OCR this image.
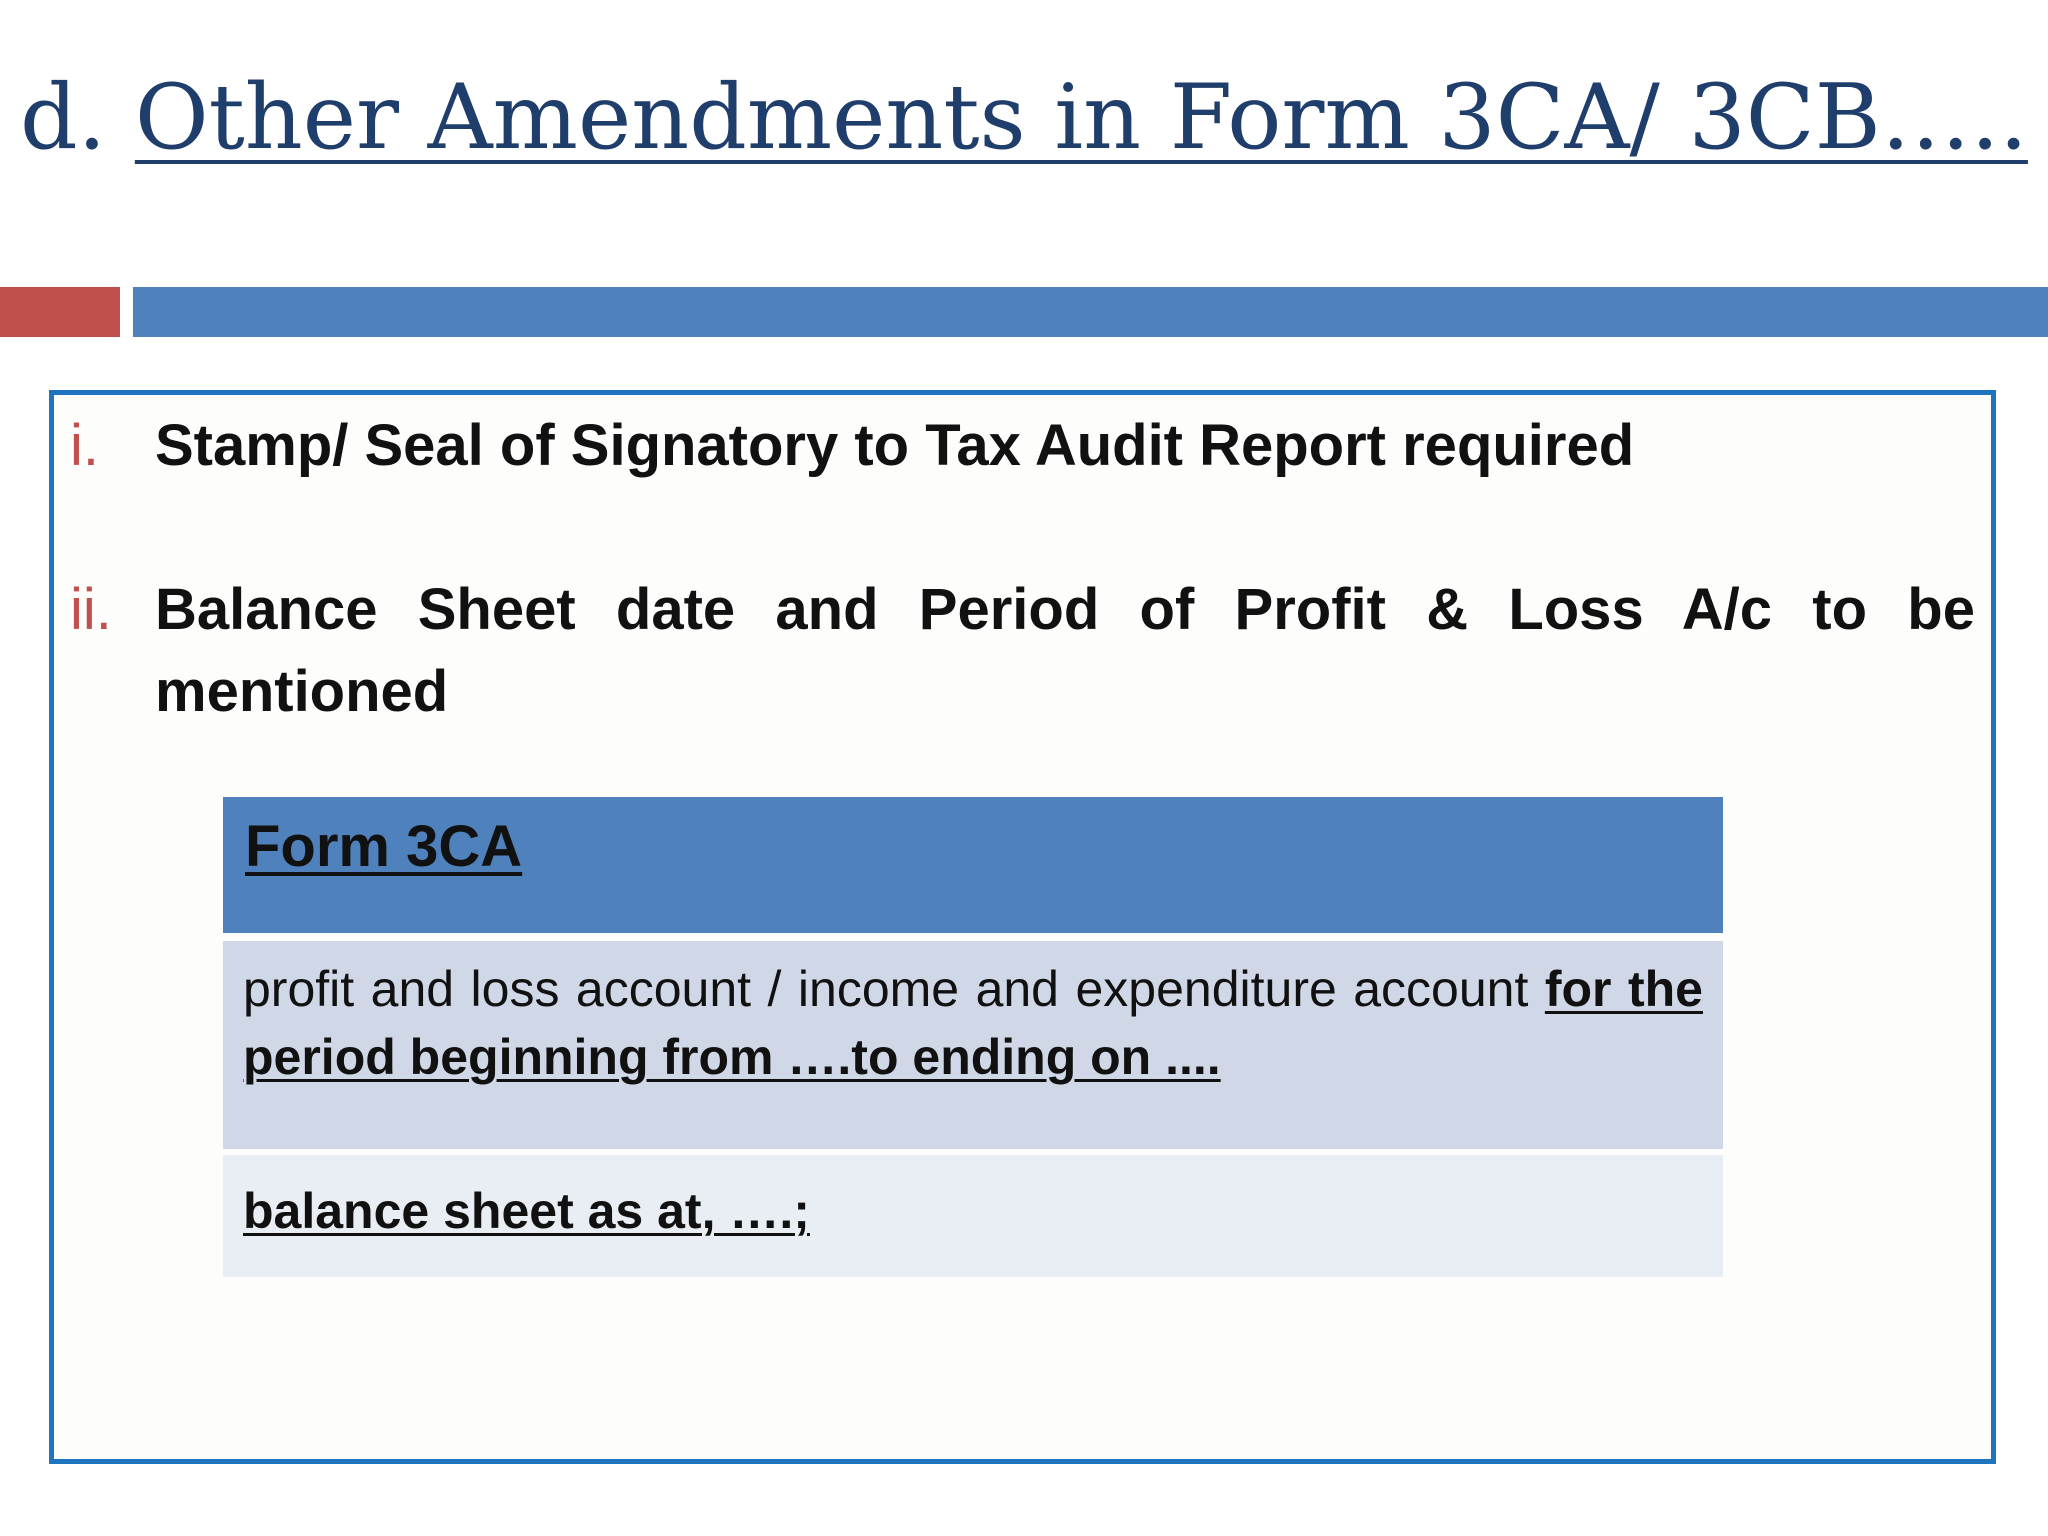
d. Other Amendments in Form 3CA/ 3CB…..
i. Stamp/ Seal of Signatory to Tax Audit Report required
ii. Balance Sheet date and Period of Profit & Loss A/c to be mentioned
Form 3CA
profit and loss account / income and expenditure account for the period beginning from ….to ending on ....
balance sheet as at, ….;
